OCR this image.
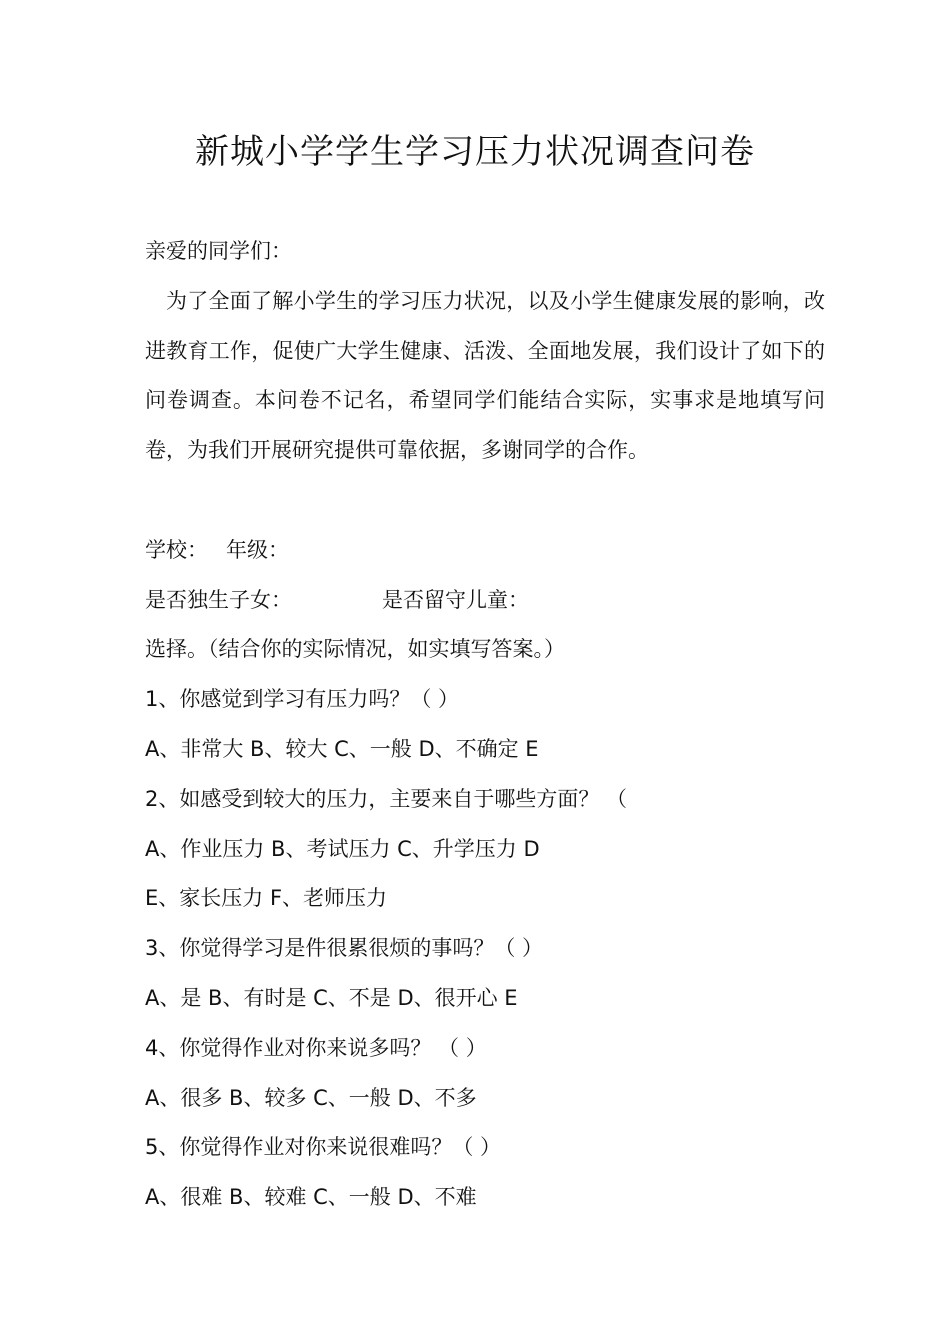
新城小学学生学习压力状况调查问卷
亲爱的同学们：
为了全面了解小学生的学习压力状况，以及小学生健康发展的影响，改进教育工作，促使广大学生健康、活泼、全面地发展，我们设计了如下的问卷调查。本问卷不记名，希望同学们能结合实际，实事求是地填写问卷，为我们开展研究提供可靠依据，多谢同学的合作。
学校： 年级：
是否独生子女：	是否留守儿童：
选择。（结合你的实际情况，如实填写答案。）
1、你感觉到学习有压力吗？（ ）
A、非常大 B、较大 C、一般 D、不确定 E
2、如感受到较大的压力，主要来自于哪些方面？ （
A、作业压力 B、考试压力 C、升学压力 D
E、家长压力 F、老师压力
3、你觉得学习是件很累很烦的事吗？（ ）
A、是 B、有时是 C、不是 D、很开心 E
4、你觉得作业对你来说多吗？ （ ）
A、很多 B、较多 C、一般 D、不多
5、你觉得作业对你来说很难吗？（ ）
A、很难 B、较难 C、一般 D、不难
